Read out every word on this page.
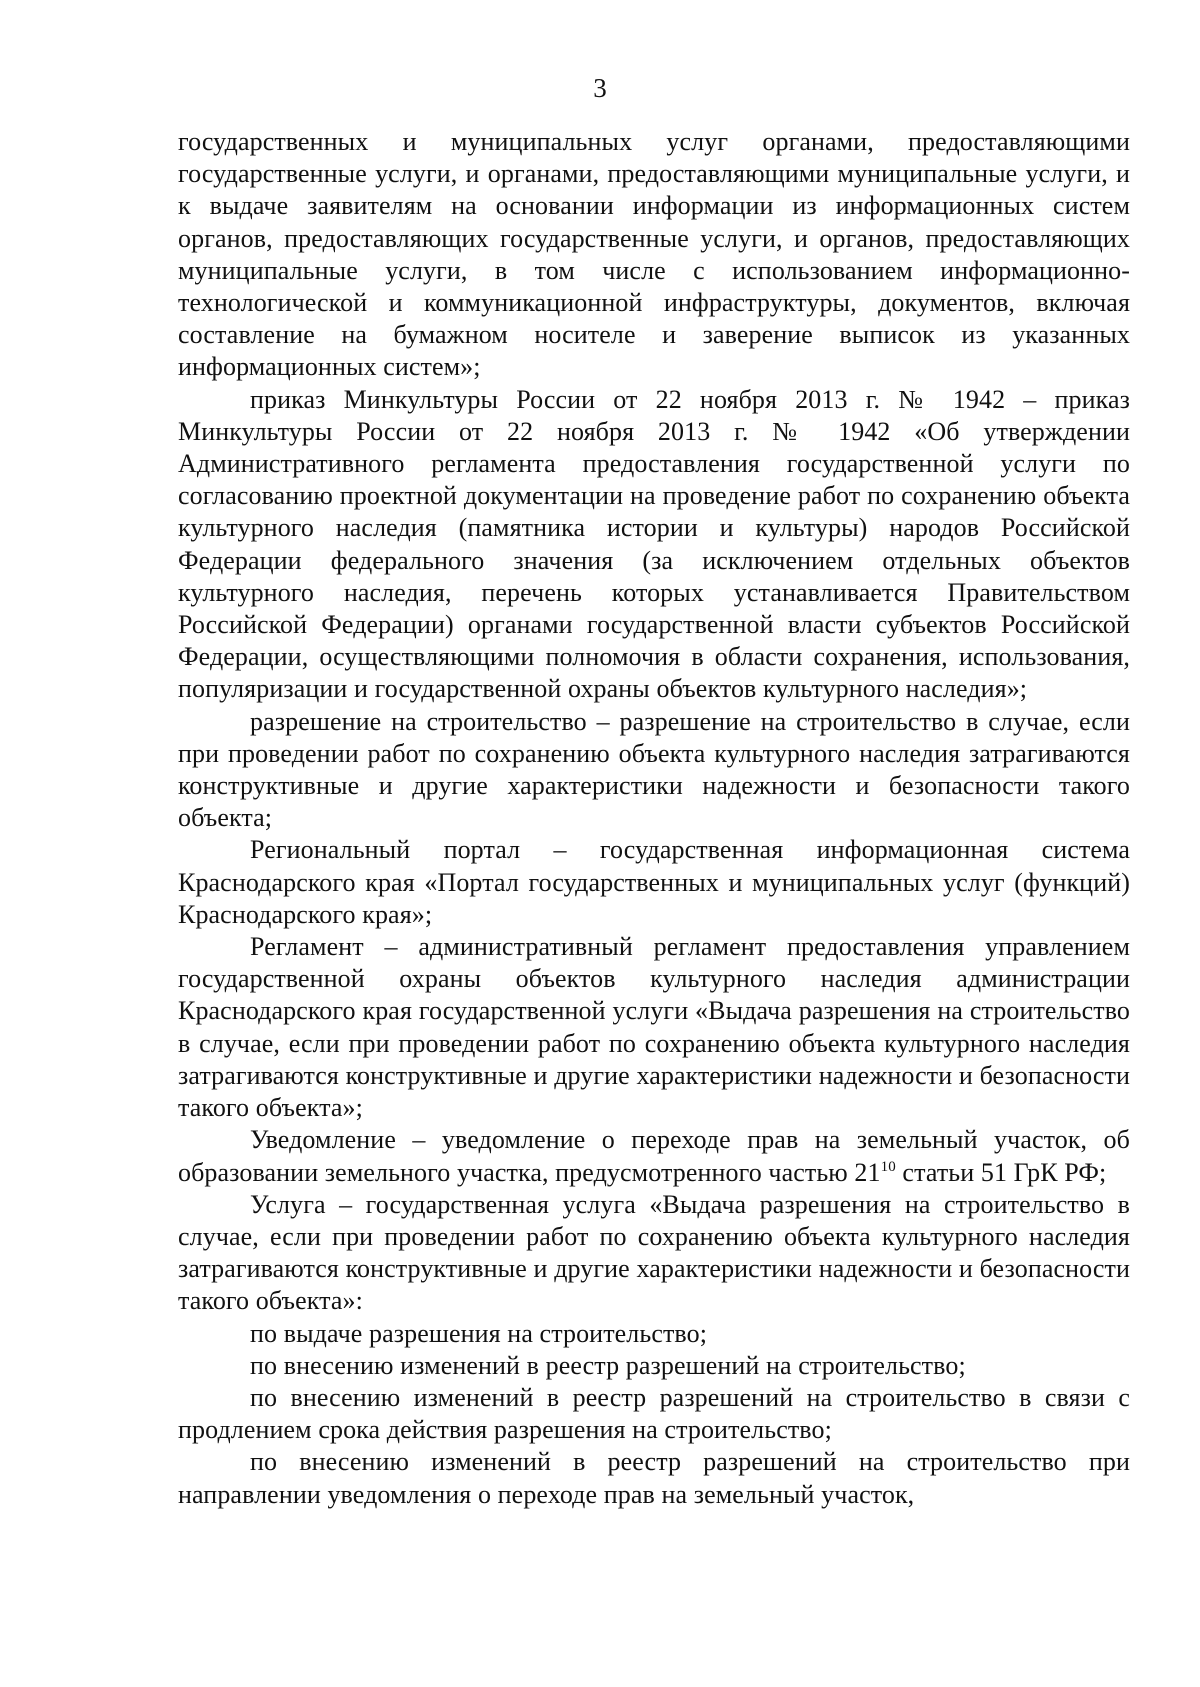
3

государственных и муниципальных услуг органами, предоставляющими государственные услуги, и органами, предоставляющими муниципальные услуги, и к выдаче заявителям на основании информации из информационных систем органов, предоставляющих государственные услуги, и органов, предоставляющих муниципальные услуги, в том числе с использованием информационно-технологической и коммуникационной инфраструктуры, документов, включая составление на бумажном носителе и заверение выписок из указанных информационных систем»;

приказ Минкультуры России от 22 ноября 2013 г. № 1942 – приказ Минкультуры России от 22 ноября 2013 г. № 1942 «Об утверждении Административного регламента предоставления государственной услуги по согласованию проектной документации на проведение работ по сохранению объекта культурного наследия (памятника истории и культуры) народов Российской Федерации федерального значения (за исключением отдельных объектов культурного наследия, перечень которых устанавливается Правительством Российской Федерации) органами государственной власти субъектов Российской Федерации, осуществляющими полномочия в области сохранения, использования, популяризации и государственной охраны объектов культурного наследия»;

разрешение на строительство – разрешение на строительство в случае, если при проведении работ по сохранению объекта культурного наследия затрагиваются конструктивные и другие характеристики надежности и безопасности такого объекта;

Региональный портал – государственная информационная система Краснодарского края «Портал государственных и муниципальных услуг (функций) Краснодарского края»;

Регламент – административный регламент предоставления управлением государственной охраны объектов культурного наследия администрации Краснодарского края государственной услуги «Выдача разрешения на строительство в случае, если при проведении работ по сохранению объекта культурного наследия затрагиваются конструктивные и другие характеристики надежности и безопасности такого объекта»;

Уведомление – уведомление о переходе прав на земельный участок, об образовании земельного участка, предусмотренного частью $21^{10}$ статьи 51 ГрК РФ;

Услуга – государственная услуга «Выдача разрешения на строительство в случае, если при проведении работ по сохранению объекта культурного наследия затрагиваются конструктивные и другие характеристики надежности и безопасности такого объекта»:

по выдаче разрешения на строительство;

по внесению изменений в реестр разрешений на строительство;

по внесению изменений в реестр разрешений на строительство в связи с продлением срока действия разрешения на строительство;

по внесению изменений в реестр разрешений на строительство при направлении уведомления о переходе прав на земельный участок,
